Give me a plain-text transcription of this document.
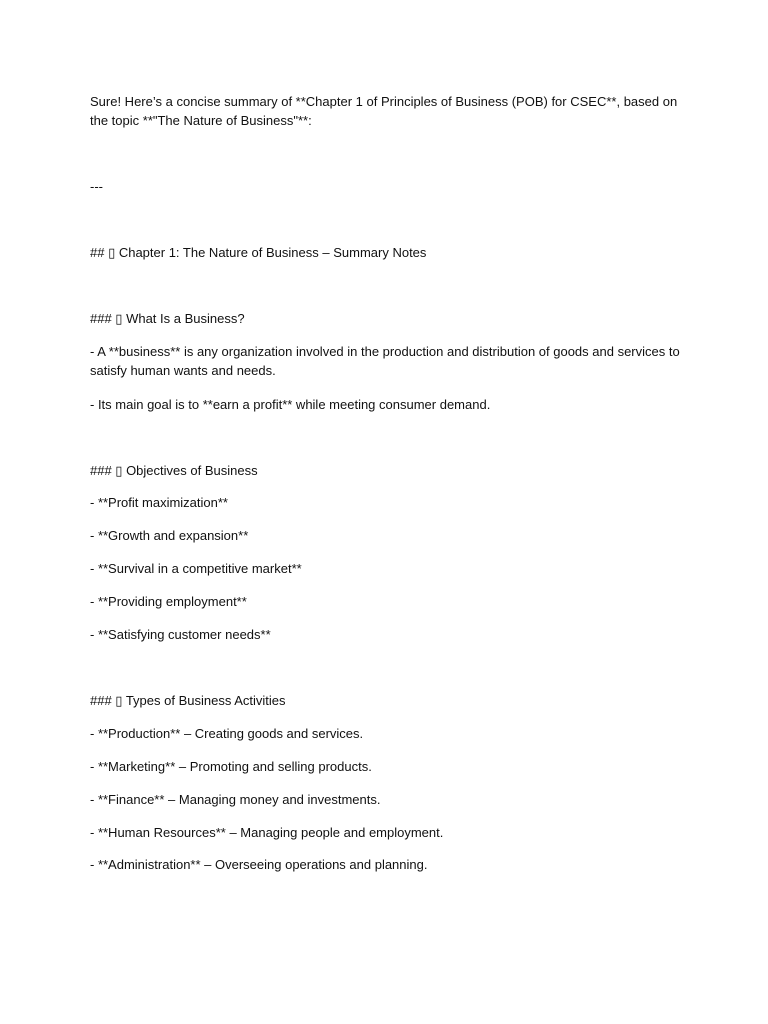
Sure! Here’s a concise summary of **Chapter 1 of Principles of Business (POB) for CSEC**, based on the topic **"The Nature of Business"**:
---
## ▯ Chapter 1: The Nature of Business – Summary Notes
### ▯ What Is a Business?
- A **business** is any organization involved in the production and distribution of goods and services to satisfy human wants and needs.
- Its main goal is to **earn a profit** while meeting consumer demand.
### ▯ Objectives of Business
- **Profit maximization**
- **Growth and expansion**
- **Survival in a competitive market**
- **Providing employment**
- **Satisfying customer needs**
### ▯ Types of Business Activities
- **Production** – Creating goods and services.
- **Marketing** – Promoting and selling products.
- **Finance** – Managing money and investments.
- **Human Resources** – Managing people and employment.
- **Administration** – Overseeing operations and planning.
